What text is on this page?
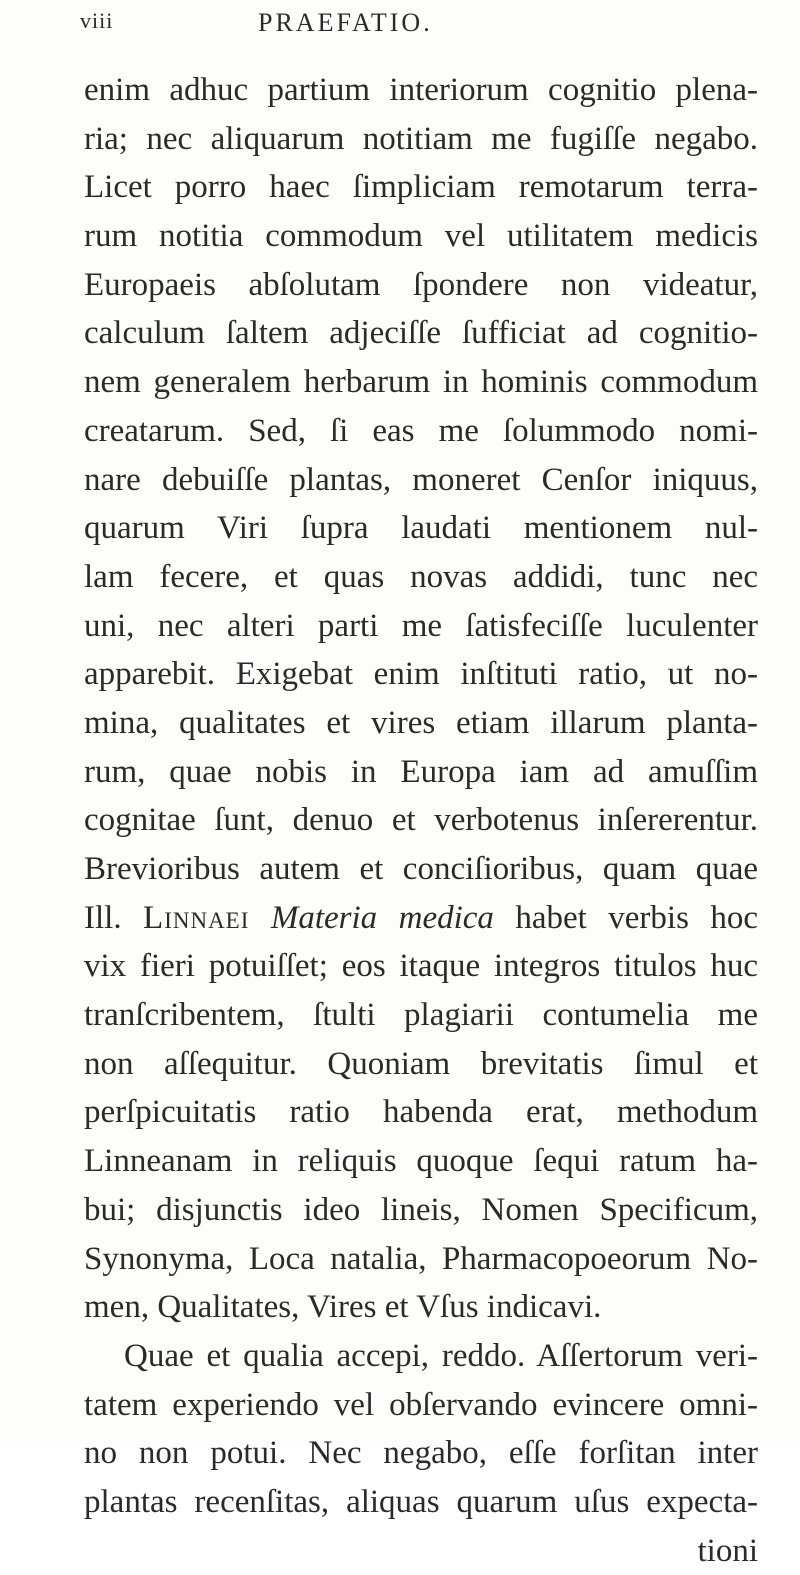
viii	PRAEFATIO.
enim adhuc partium interiorum cognitio plena-
ria; nec aliquarum notitiam me fugiſſe negabo.
Licet porro haec ſimpliciam remotarum terra-
rum notitia commodum vel utilitatem medicis
Europaeis abſolutam ſpondere non videatur,
calculum ſaltem adjeciſſe ſufficiat ad cognitio-
nem generalem herbarum in hominis commodum
creatarum. Sed, ſi eas me ſolummodo nomi-
nare debuiſſe plantas, moneret Cenſor iniquus,
quarum Viri ſupra laudati mentionem nul-
lam fecere, et quas novas addidi, tunc nec
uni, nec alteri parti me ſatisfeciſſe luculenter
apparebit. Exigebat enim inſtituti ratio, ut no-
mina, qualitates et vires etiam illarum planta-
rum, quae nobis in Europa iam ad amuſſim
cognitae ſunt, denuo et verbotenus inſererentur.
Brevioribus autem et conciſioribus, quam quae
Ill. Linnaei Materia medica habet verbis hoc
vix fieri potuiſſet; eos itaque integros titulos huc
tranſcribentem, ſtulti plagiarii contumelia me
non aſſequitur. Quoniam brevitatis ſimul et
perſpicuitatis ratio habenda erat, methodum
Linneanam in reliquis quoque ſequi ratum ha-
bui; disjunctis ideo lineis, Nomen Specificum,
Synonyma, Loca natalia, Pharmacopoeorum No-
men, Qualitates, Vires et Vſus indicavi.
Quae et qualia accepi, reddo. Aſſertorum veri-
tatem experiendo vel obſervando evincere omni-
no non potui. Nec negabo, eſſe forſitan inter
plantas recenſitas, aliquas quarum uſus expecta-
tioni
